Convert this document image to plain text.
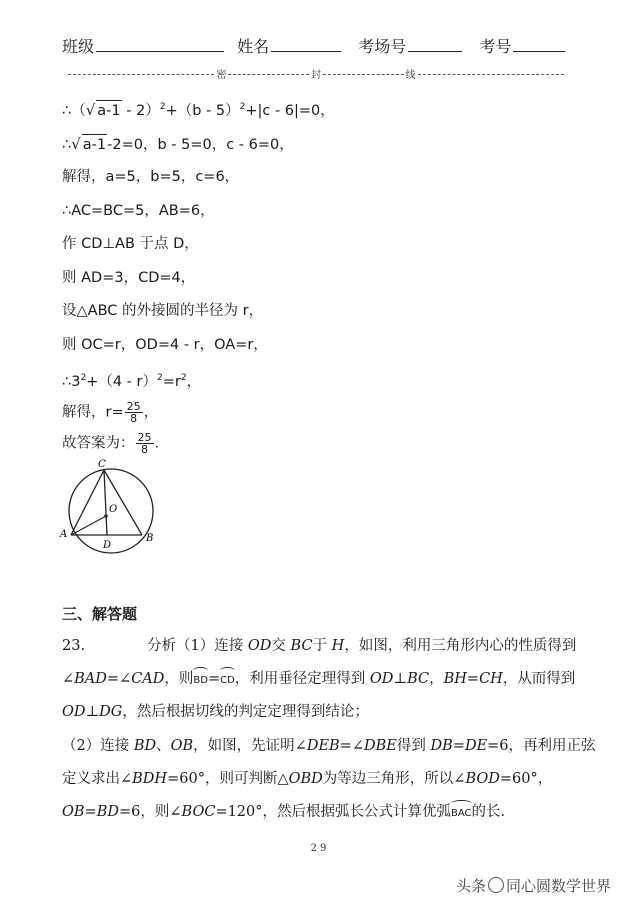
班级	姓名	考场号	考号
密	封	线
∴（√ a-1 - 2）$^2$+（b - 5）$^2$+|c - 6|=0，
∴√ a-1-2=0，b - 5=0，c - 6=0，
解得，a=5，b=5，c=6，
∴AC=BC=5，AB=6，
作 CD⊥AB 于点 D，
则 AD=3，CD=4，
设△ABC 的外接圆的半径为 r，
则 OC=r，OD=4 - r，OA=r，
$\therefore 3^2+(4 - r)^2=r^2$，
解得，$r= \frac{25}{8}$ ，
故答案为： $\frac{25}{8}$ .
C
O
A
D
B
三、解答题
23.	分析（1）连接 OD交 BC于 H，如图，利用三角形内心的性质得到
∠BAD=∠CAD，则BD=CD，利用垂径定理得到 OD⊥BC，BH=CH，从而得到
OD⊥DG，然后根据切线的判定定理得到结论；
（2）连接 BD、OB，如图，先证明∠DEB=∠DBE得到 DB=DE=6，再利用正弦
定义求出∠BDH=60°，则可判断△OBD为等边三角形，所以∠BOD=60°，
OB=BD=6，则∠BOC=120°，然后根据弧长公式计算优弧BAC的长.
29
头条 同心圆数学世界
